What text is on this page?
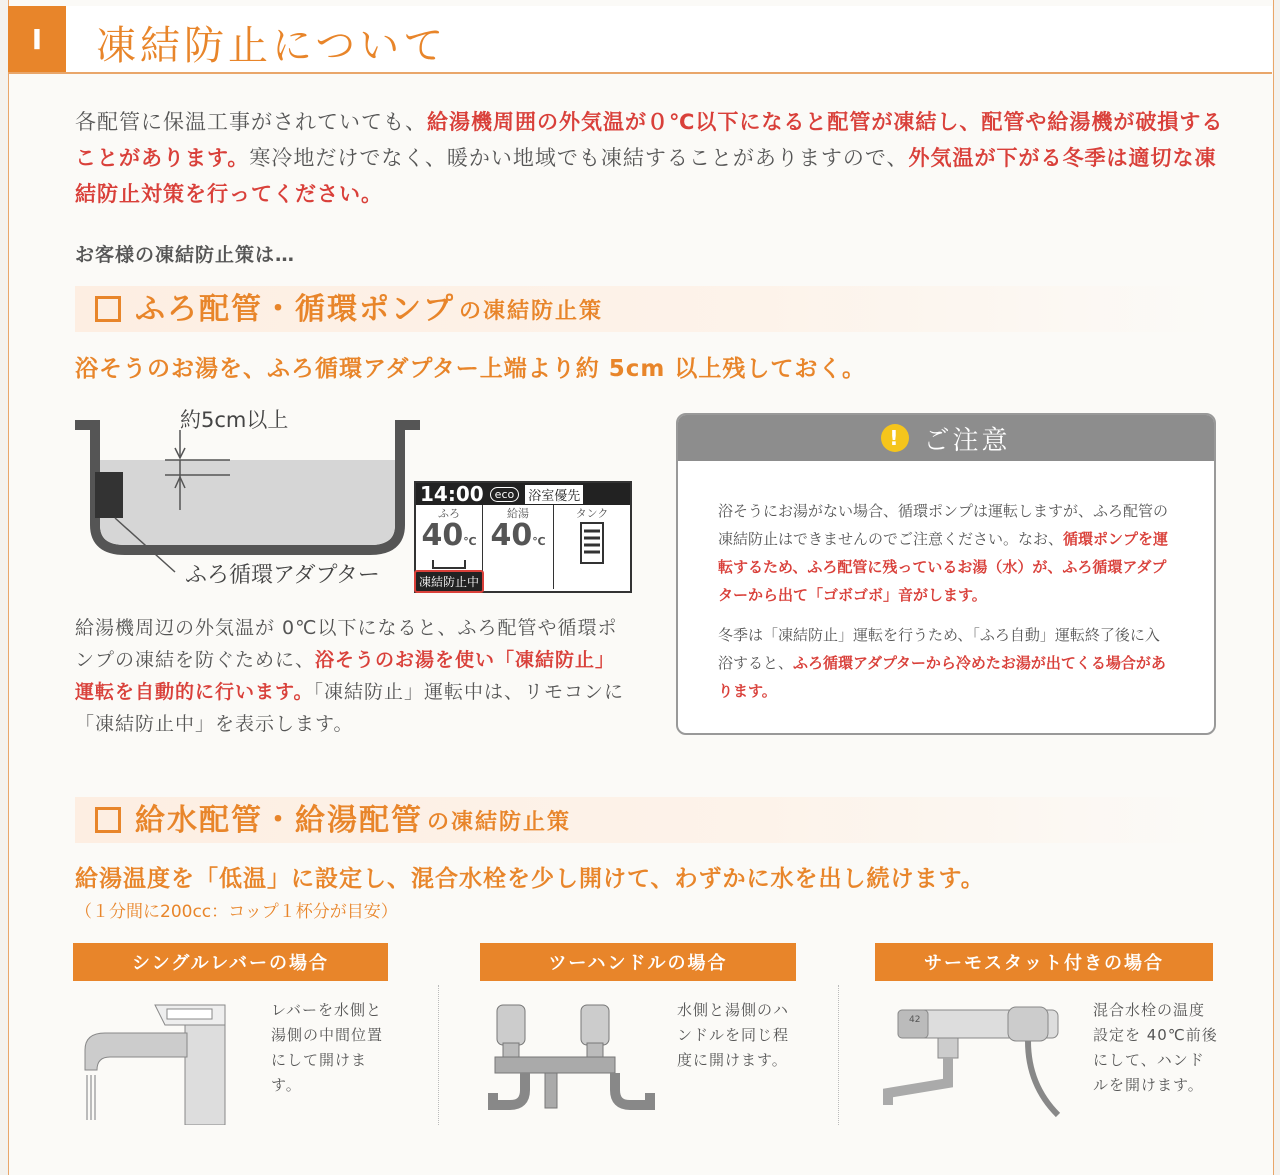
I	凍結防止について
各配管に保温工事がされていても、給湯機周囲の外気温が０℃以下になると配管が凍結し、配管や給湯機が破損することがあります。寒冷地だけでなく、暖かい地域でも凍結することがありますので、外気温が下がる冬季は適切な凍結防止対策を行ってください。
お客様の凍結防止策は…
ふろ配管・循環ポンプ の凍結防止策
浴そうのお湯を、ふろ循環アダプター上端より約 5cm 以上残しておく。
約5cm以上
ふろ循環アダプター
14:00	eco	浴室優先
ふろ
40℃
給湯
40℃
タンク
凍結防止中
給湯機周辺の外気温が 0℃以下になると、ふろ配管や循環ポンプの凍結を防ぐために、浴そうのお湯を使い「凍結防止」運転を自動的に行います。「凍結防止」運転中は、リモコンに「凍結防止中」を表示します。
! ご注意

浴そうにお湯がない場合、循環ポンプは運転しますが、ふろ配管の凍結防止はできませんのでご注意ください。なお、循環ポンプを運転するため、ふろ配管に残っているお湯（水）が、ふろ循環アダプターから出て「ゴボゴボ」音がします。

冬季は「凍結防止」運転を行うため、「ふろ自動」運転終了後に入浴すると、ふろ循環アダプターから冷めたお湯が出てくる場合があります。

給水配管・給湯配管 の凍結防止策
給湯温度を「低温」に設定し、混合水栓を少し開けて、わずかに水を出し続けます。
（１分間に200cc：コップ１杯分が目安）
シングルレバーの場合
レバーを水側と湯側の中間位置にして開けます。
ツーハンドルの場合
水側と湯側のハンドルを同じ程度に開けます。
サーモスタット付きの場合
42
混合水栓の温度設定を 40℃前後にして、ハンドルを開けます。
